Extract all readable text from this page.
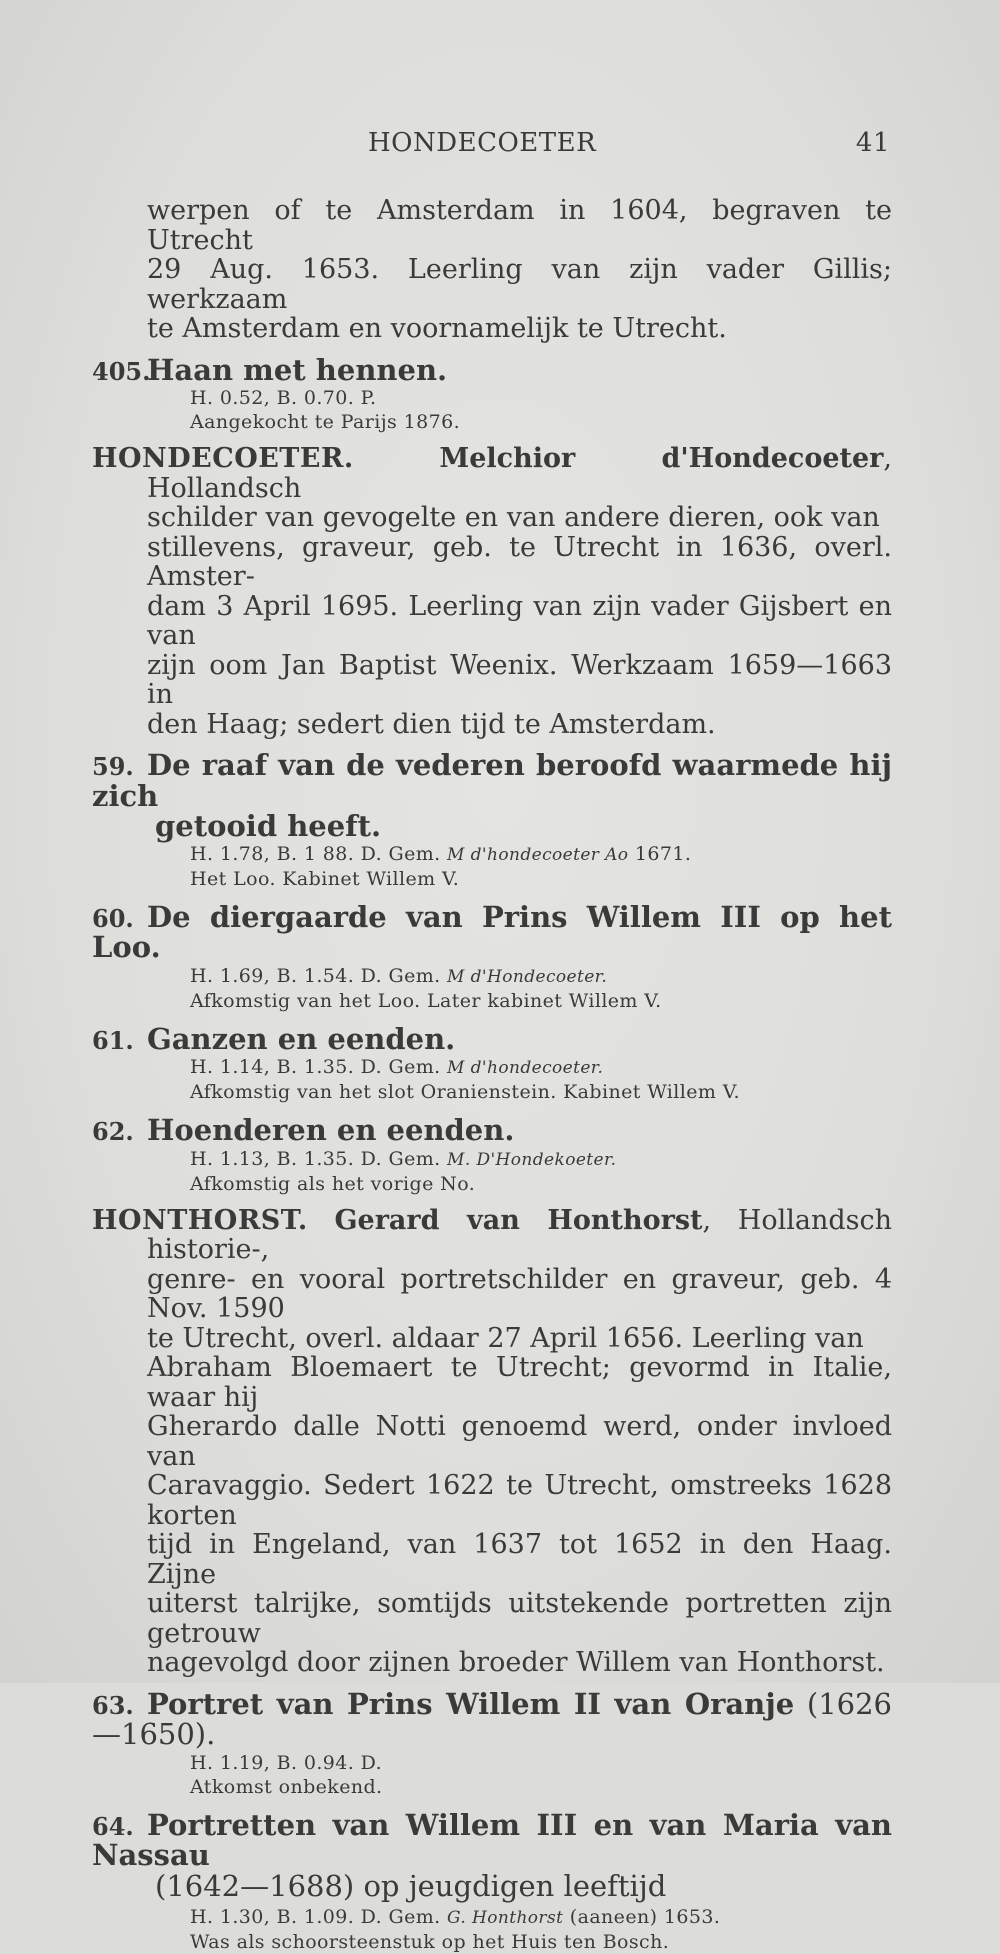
HONDECOETER	41
werpen of te Amsterdam in 1604, begraven te Utrecht
29 Aug. 1653. Leerling van zijn vader Gillis; werkzaam
te Amsterdam en voornamelijk te Utrecht.
405.Haan met hennen.
H. 0.52, B. 0.70. P.
Aangekocht te Parijs 1876.
HONDECOETER.	Melchior d'Hondecoeter, Hollandsch
schilder van gevogelte en van andere dieren, ook van
stillevens, graveur, geb. te Utrecht in 1636, overl. Amster-
dam 3 April 1695. Leerling van zijn vader Gijsbert en van
zijn oom Jan Baptist Weenix. Werkzaam 1659—1663 in
den Haag; sedert dien tijd te Amsterdam.
59. De raaf van de vederen beroofd waarmede hij zich
getooid heeft.
H. 1.78, B. 1 88. D. Gem. M d'hondecoeter Ao 1671.
Het Loo. Kabinet Willem V.
60. De diergaarde van Prins Willem III op het Loo.
H. 1.69, B. 1.54. D. Gem. M d'Hondecoeter.
Afkomstig van het Loo. Later kabinet Willem V.
61. Ganzen en eenden.
H. 1.14, B. 1.35. D. Gem. M d'hondecoeter.
Afkomstig van het slot Oranienstein. Kabinet Willem V.
62. Hoenderen en eenden.
H. 1.13, B. 1.35. D. Gem. M. D'Hondekoeter.
Afkomstig als het vorige No.
HONTHORST. Gerard van Honthorst, Hollandsch historie-,
genre- en vooral portretschilder en graveur, geb. 4 Nov. 1590
te Utrecht, overl. aldaar 27 April 1656. Leerling van
Abraham Bloemaert te Utrecht; gevormd in Italie, waar hij
Gherardo dalle Notti genoemd werd, onder invloed van
Caravaggio. Sedert 1622 te Utrecht, omstreeks 1628 korten
tijd in Engeland, van 1637 tot 1652 in den Haag. Zijne
uiterst talrijke, somtijds uitstekende portretten zijn getrouw
nagevolgd door zijnen broeder Willem van Honthorst.
63. Portret van Prins Willem II van Oranje (1626—1650).
H. 1.19, B. 0.94. D.
Atkomst onbekend.
64. Portretten van Willem III en van Maria van Nassau
(1642—1688) op jeugdigen leeftijd
H. 1.30, B. 1.09. D. Gem. G. Honthorst (aaneen) 1653.
Was als schoorsteenstuk op het Huis ten Bosch.
